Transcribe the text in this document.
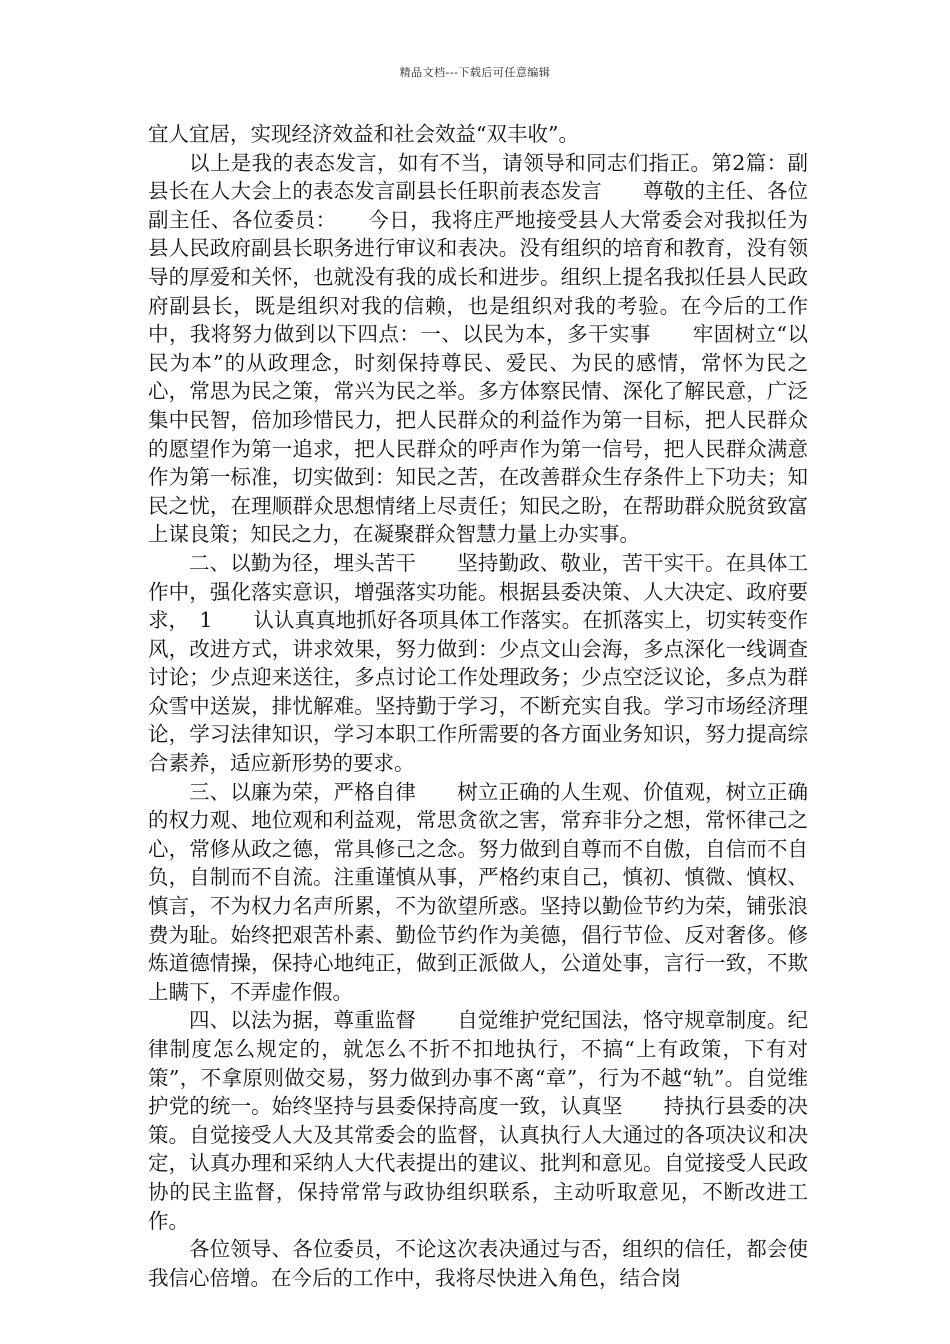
精品文档---下载后可任意编辑

宜人宜居，实现经济效益和社会效益“双丰收”。

以上是我的表态发言，如有不当，请领导和同志们指正。第2篇：副县长在人大会上的表态发言副县长任职前表态发言　　尊敬的主任、各位副主任、各位委员：　　今日，我将庄严地接受县人大常委会对我拟任为县人民政府副县长职务进行审议和表决。没有组织的培育和教育，没有领导的厚爱和关怀，也就没有我的成长和进步。组织上提名我拟任县人民政府副县长，既是组织对我的信赖，也是组织对我的考验。在今后的工作中，我将努力做到以下四点：一、以民为本，多干实事　　牢固树立“以民为本”的从政理念，时刻保持尊民、爱民、为民的感情，常怀为民之心，常思为民之策，常兴为民之举。多方体察民情、深化了解民意，广泛集中民智，倍加珍惜民力，把人民群众的利益作为第一目标，把人民群众的愿望作为第一追求，把人民群众的呼声作为第一信号，把人民群众满意作为第一标准，切实做到：知民之苦，在改善群众生存条件上下功夫；知民之忧，在理顺群众思想情绪上尽责任；知民之盼，在帮助群众脱贫致富上谋良策；知民之力，在凝聚群众智慧力量上办实事。

二、以勤为径，埋头苦干　　坚持勤政、敬业，苦干实干。在具体工作中，强化落实意识，增强落实功能。根据县委决策、人大决定、政府要求，　1　　认认真真地抓好各项具体工作落实。在抓落实上，切实转变作风，改进方式，讲求效果，努力做到：少点文山会海，多点深化一线调查讨论；少点迎来送往，多点讨论工作处理政务；少点空泛议论，多点为群众雪中送炭，排忧解难。坚持勤于学习，不断充实自我。学习市场经济理论，学习法律知识，学习本职工作所需要的各方面业务知识，努力提高综合素养，适应新形势的要求。

三、以廉为荣，严格自律　　树立正确的人生观、价值观，树立正确的权力观、地位观和利益观，常思贪欲之害，常弃非分之想，常怀律己之心，常修从政之德，常具修己之念。努力做到自尊而不自傲，自信而不自负，自制而不自流。注重谨慎从事，严格约束自己，慎初、慎微、慎权、慎言，不为权力名声所累，不为欲望所惑。坚持以勤俭节约为荣，铺张浪费为耻。始终把艰苦朴素、勤俭节约作为美德，倡行节俭、反对奢侈。修炼道德情操，保持心地纯正，做到正派做人，公道处事，言行一致，不欺上瞒下，不弄虚作假。

四、以法为据，尊重监督　　自觉维护党纪国法，恪守规章制度。纪律制度怎么规定的，就怎么不折不扣地执行，不搞“上有政策，下有对策”，不拿原则做交易，努力做到办事不离“章”，行为不越“轨”。自觉维护党的统一。始终坚持与县委保持高度一致，认真坚　　持执行县委的决策。自觉接受人大及其常委会的监督，认真执行人大通过的各项决议和决定，认真办理和采纳人大代表提出的建议、批判和意见。自觉接受人民政协的民主监督，保持常常与政协组织联系，主动听取意见，不断改进工作。

各位领导、各位委员，不论这次表决通过与否，组织的信任，都会使我信心倍增。在今后的工作中，我将尽快进入角色，结合岗
